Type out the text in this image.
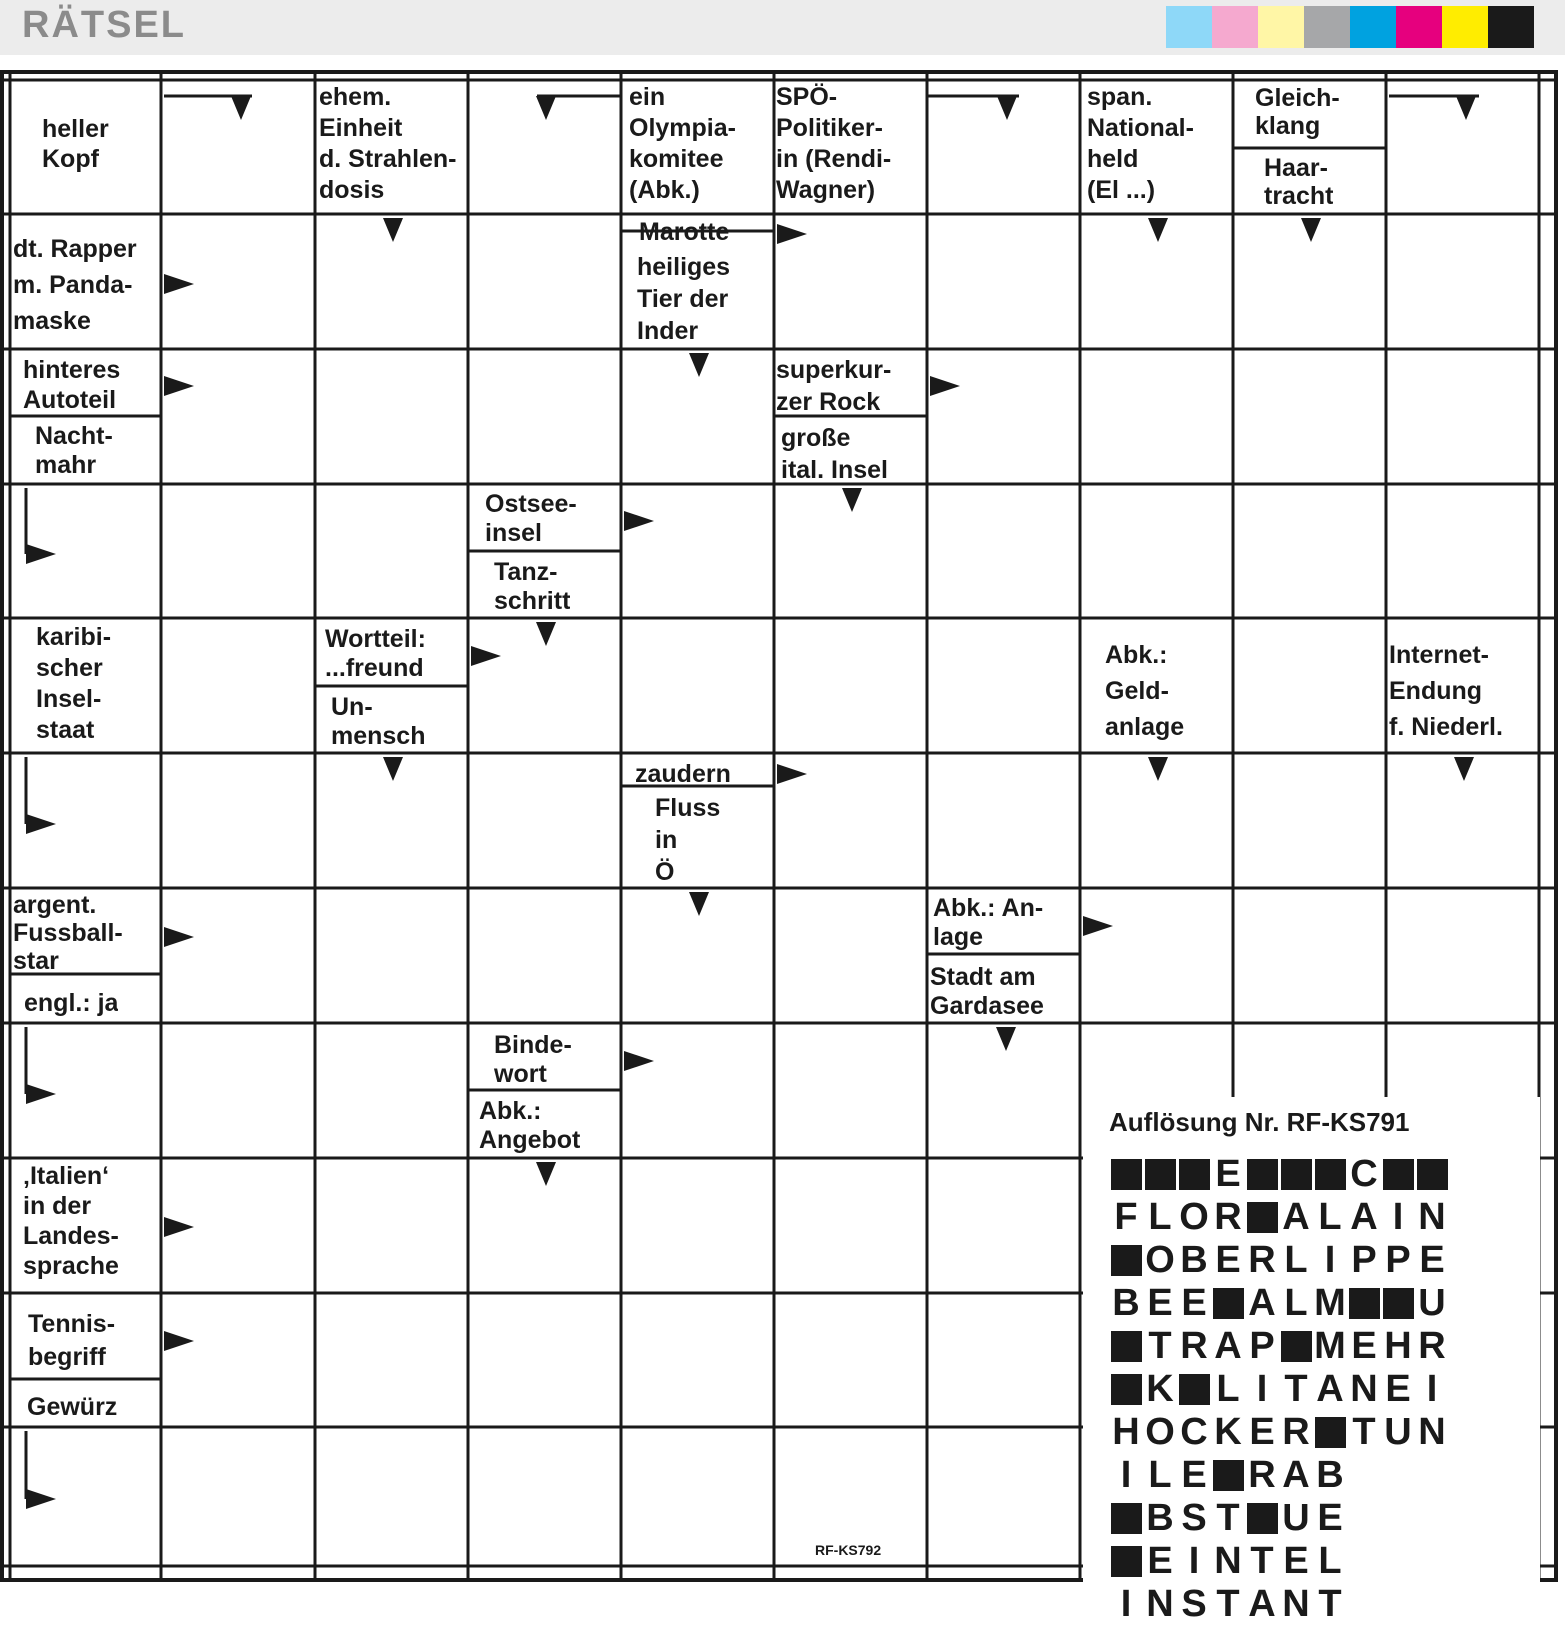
RÄTSEL
heller
Kopf
ehem.
Einheit
d. Strahlen-
dosis
ein
Olympia-
komitee
(Abk.)
SPÖ-
Politiker-
in (Rendi-
Wagner)
span.
National-
held
(El ...)
Gleich-
klang
Haar-
tracht
dt. Rapper
m. Panda-
maske
Marotte
heiliges
Tier der
Inder
hinteres
Autoteil
Nacht-
mahr
superkur-
zer Rock
große
ital. Insel
Ostsee-
insel
Tanz-
schritt
karibi-
scher
Insel-
staat
Wortteil:
...freund
Un-
mensch
Abk.:
Geld-
anlage
Internet-
Endung
f. Niederl.
zaudern
Fluss
in
Ö
argent.
Fussball-
star
engl.: ja
Abk.: An-
lage
Stadt am
Gardasee
Binde-
wort
Abk.:
Angebot
‚Italien‘
in der
Landes-
sprache
Tennis-
begriff
Gewürz
Auflösung Nr. RF-KS791
E	C
F L O R A L A I N
O B E R L I P P E
B E E A L M U
T R A P M E H R
K L I T A N E I
H O C K E R T U N
I L E R A B
B S T U E
E I N T E L
I N S T A N T
RF-KS792
